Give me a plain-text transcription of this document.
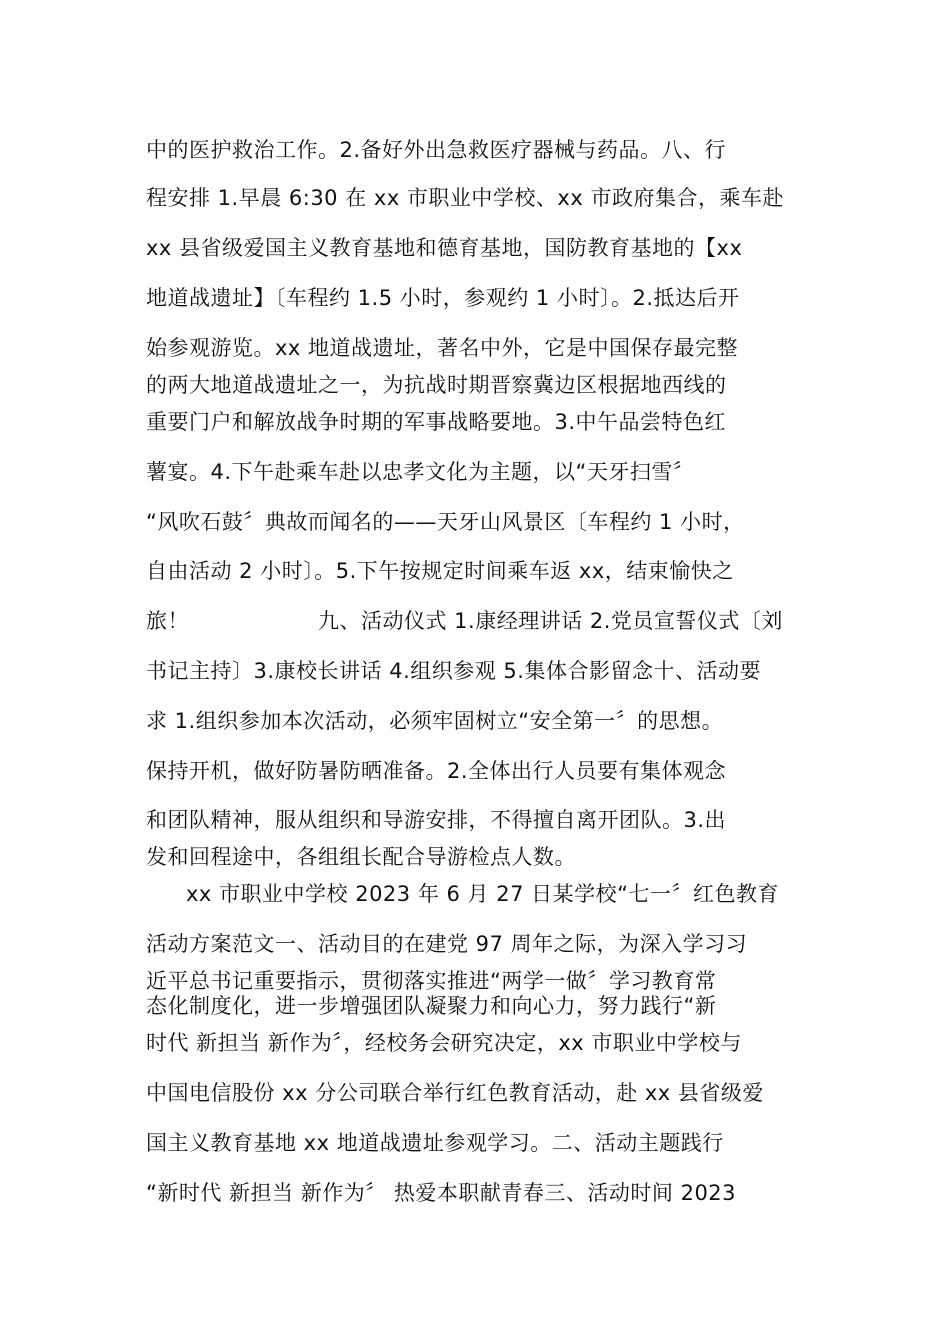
中的医护救治工作。2.备好外出急救医疗器械与药品。八、行
程安排 1.早晨 6:30 在 xx 市职业中学校、xx 市政府集合，乘车赴
xx 县省级爱国主义教育基地和德育基地，国防教育基地的【xx
地道战遗址】〔车程约 1.5 小时，参观约 1 小时〕。2.抵达后开
始参观游览。xx 地道战遗址，著名中外，它是中国保存最完整
的两大地道战遗址之一，为抗战时期晋察冀边区根据地西线的
重要门户和解放战争时期的军事战略要地。3.中午品尝特色红
薯宴。4.下午赴乘车赴以忠孝文化为主题，以“天牙扫雪〞
“风吹石鼓〞典故而闻名的——天牙山风景区〔车程约 1 小时，
自由活动 2 小时〕。5.下午按规定时间乘车返 xx，结束愉快之
旅！　　　　　　九、活动仪式 1.康经理讲话 2.党员宣誓仪式〔刘
书记主持〕3.康校长讲话 4.组织参观 5.集体合影留念十、活动要
求 1.组织参加本次活动，必须牢固树立“安全第一〞的思想。
保持开机，做好防暑防晒准备。2.全体出行人员要有集体观念
和团队精神，服从组织和导游安排，不得擅自离开团队。3.出
发和回程途中，各组组长配合导游检点人数。
xx 市职业中学校 2023 年 6 月 27 日某学校“七一〞红色教育
活动方案范文一、活动目的在建党 97 周年之际，为深入学习习
近平总书记重要指示，贯彻落实推进“两学一做〞学习教育常
态化制度化，进一步增强团队凝聚力和向心力，努力践行“新
时代 新担当 新作为〞，经校务会研究决定，xx 市职业中学校与
中国电信股份 xx 分公司联合举行红色教育活动，赴 xx 县省级爱
国主义教育基地 xx 地道战遗址参观学习。二、活动主题践行
“新时代 新担当 新作为〞 热爱本职献青春三、活动时间 2023
